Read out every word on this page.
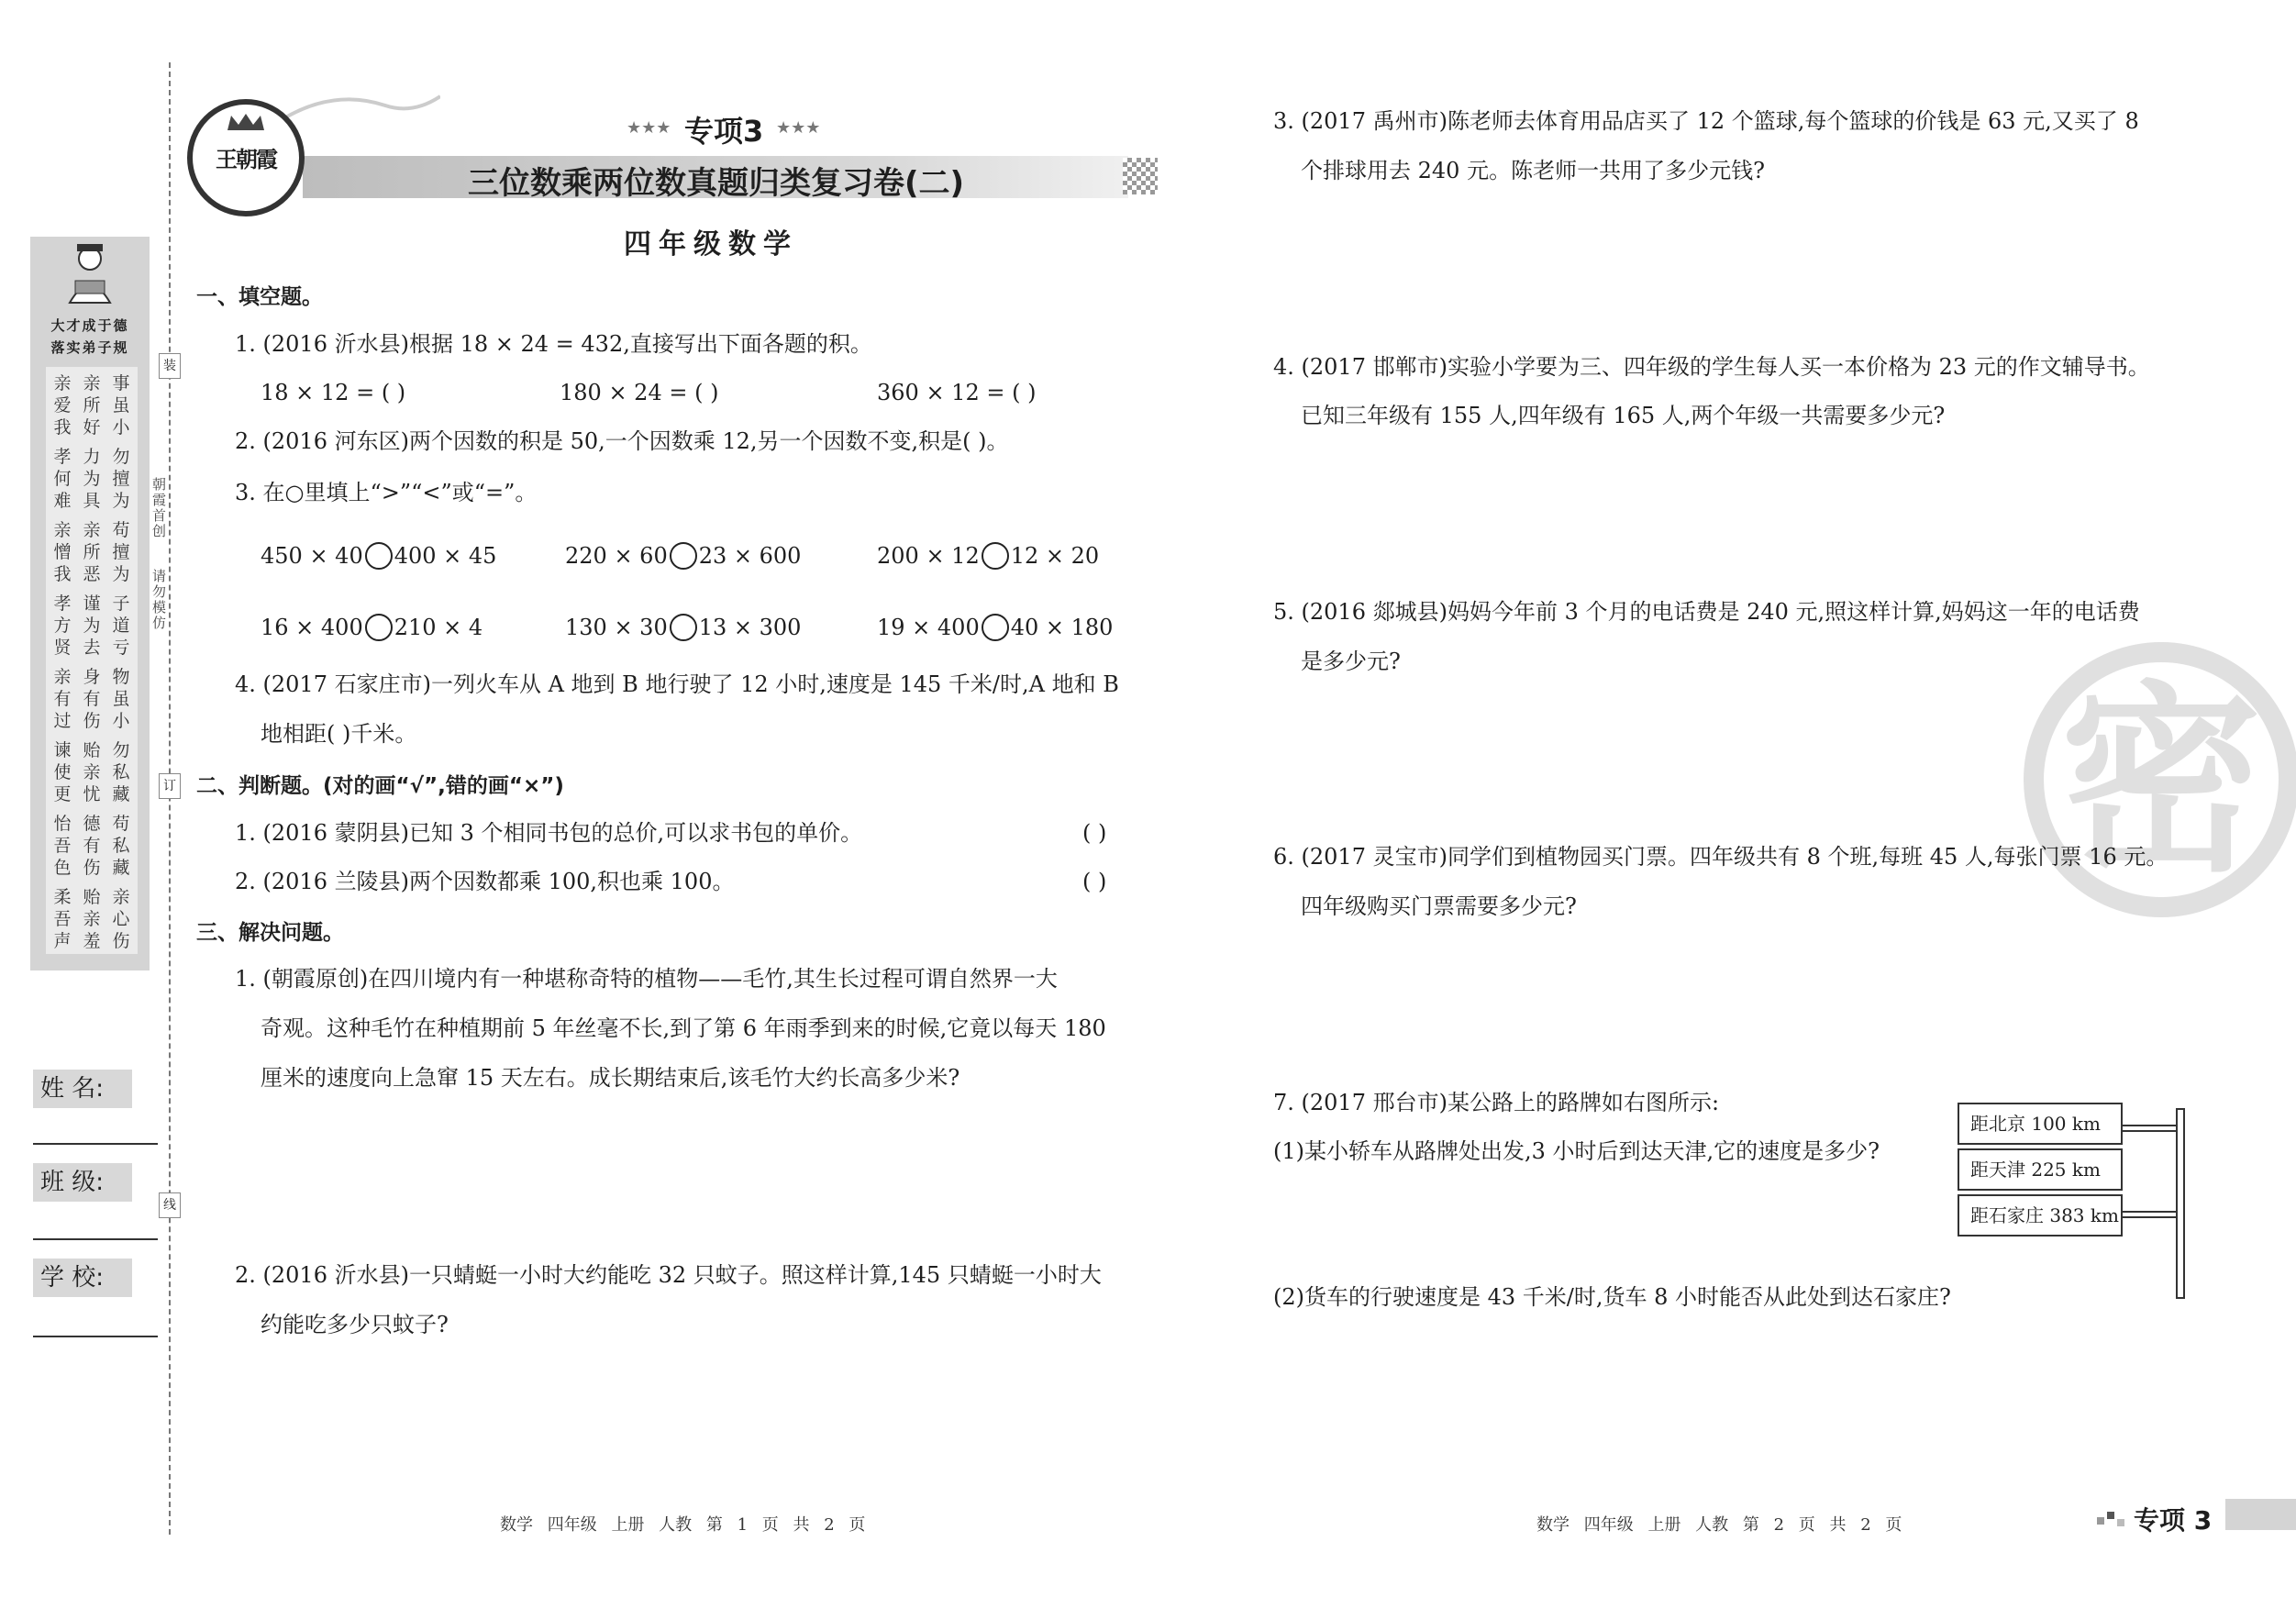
装
订
线
朝霞首创
请勿模仿
大才成于德
落实弟子规
亲爱我
亲所好
事虽小
孝何难
力为具
勿擅为
亲憎我
亲所恶
苟擅为
孝方贤
谨为去
子道亏
亲有过
身有伤
物虽小
谏使更
贻亲忧
勿私藏
怡吾色
德有伤
苟私藏
柔吾声
贻亲羞
亲心伤
姓 名:
班 级:
学 校:
王朝霞
★★★ 专项3 ★★★
三位数乘两位数真题归类复习卷(二)
四年级数学
一、填空题。
1. (2016 沂水县)根据 18 × 24 = 432,直接写出下面各题的积。
18 × 12 = ( )	180 × 24 = ( )	360 × 12 = ( )
2. (2016 河东区)两个因数的积是 50,一个因数乘 12,另一个因数不变,积是( )。
3. 在○里填上“>”“<”或“=”。
450 × 40 400 × 45	220 × 60 23 × 600	200 × 12 12 × 20
16 × 400 210 × 4	130 × 30 13 × 300	19 × 400 40 × 180
4. (2017 石家庄市)一列火车从 A 地到 B 地行驶了 12 小时,速度是 145 千米/时,A 地和 B
地相距( )千米。
二、判断题。(对的画“√”,错的画“×”)
1. (2016 蒙阴县)已知 3 个相同书包的总价,可以求书包的单价。	( )
2. (2016 兰陵县)两个因数都乘 100,积也乘 100。	( )
三、解决问题。
1. (朝霞原创)在四川境内有一种堪称奇特的植物——毛竹,其生长过程可谓自然界一大
奇观。这种毛竹在种植期前 5 年丝毫不长,到了第 6 年雨季到来的时候,它竟以每天 180
厘米的速度向上急窜 15 天左右。成长期结束后,该毛竹大约长高多少米?
2. (2016 沂水县)一只蜻蜓一小时大约能吃 32 只蚊子。照这样计算,145 只蜻蜓一小时大
约能吃多少只蚊子?
数学 四年级 上册 人教 第 1 页 共 2 页
密
3. (2017 禹州市)陈老师去体育用品店买了 12 个篮球,每个篮球的价钱是 63 元,又买了 8
个排球用去 240 元。陈老师一共用了多少元钱?
4. (2017 邯郸市)实验小学要为三、四年级的学生每人买一本价格为 23 元的作文辅导书。
已知三年级有 155 人,四年级有 165 人,两个年级一共需要多少元?
5. (2016 郯城县)妈妈今年前 3 个月的电话费是 240 元,照这样计算,妈妈这一年的电话费
是多少元?
6. (2017 灵宝市)同学们到植物园买门票。四年级共有 8 个班,每班 45 人,每张门票 16 元。
四年级购买门票需要多少元?
7. (2017 邢台市)某公路上的路牌如右图所示:
(1)某小轿车从路牌处出发,3 小时后到达天津,它的速度是多少?
(2)货车的行驶速度是 43 千米/时,货车 8 小时能否从此处到达石家庄?
距北京 100 km
距天津 225 km
距石家庄 383 km
数学 四年级 上册 人教 第 2 页 共 2 页	专项 3
